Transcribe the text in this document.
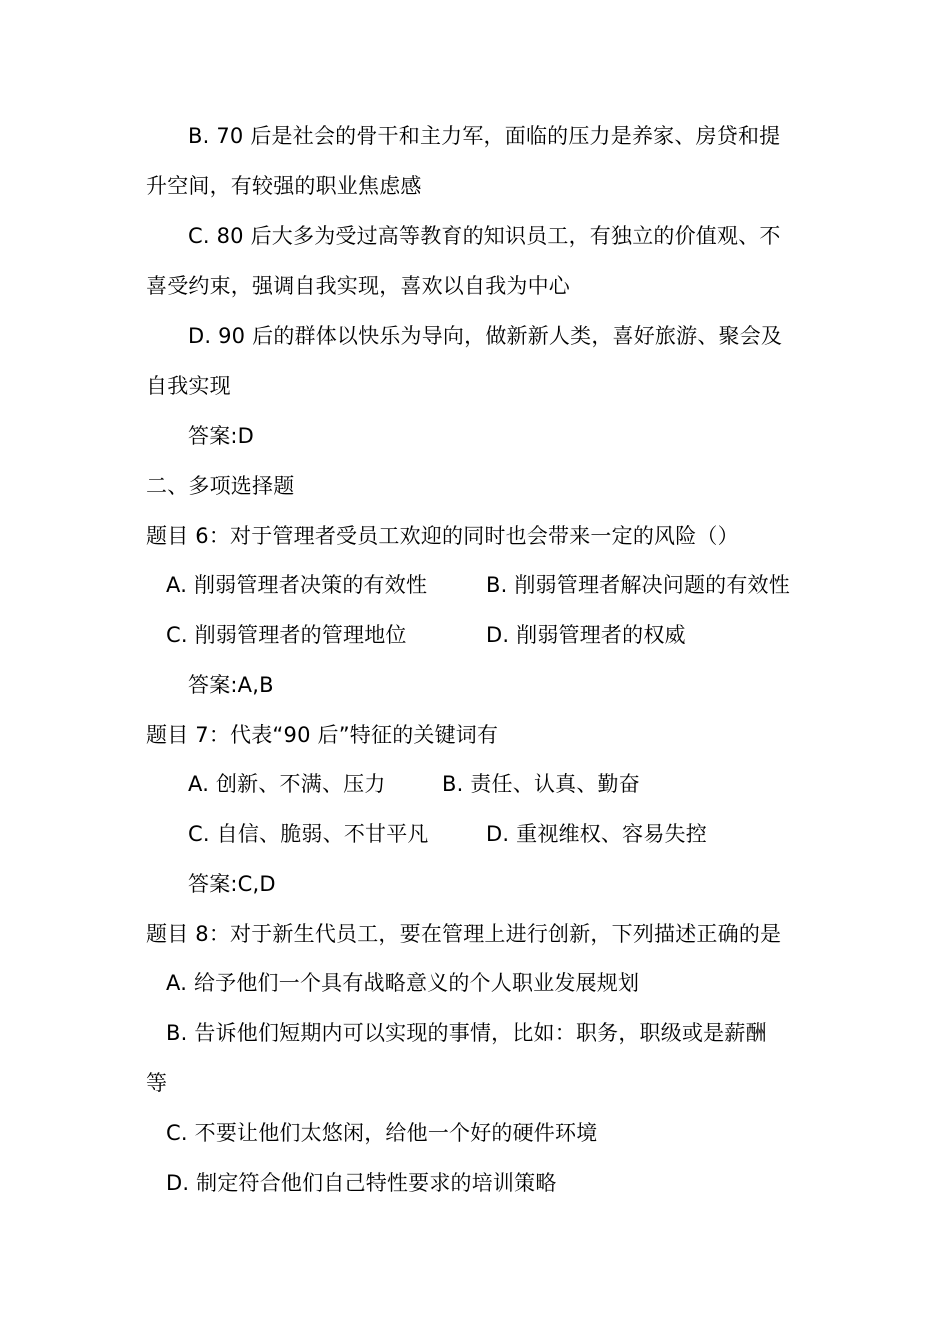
B. 70 后是社会的骨干和主力军，面临的压力是养家、房贷和提
升空间，有较强的职业焦虑感
C. 80 后大多为受过高等教育的知识员工，有独立的价值观、不
喜受约束，强调自我实现，喜欢以自我为中心
D. 90 后的群体以快乐为导向，做新新人类，喜好旅游、聚会及
自我实现
答案:D
二、多项选择题
题目 6：对于管理者受员工欢迎的同时也会带来一定的风险（）
A. 削弱管理者决策的有效性	B. 削弱管理者解决问题的有效性
C. 削弱管理者的管理地位	D. 削弱管理者的权威
答案:A,B
题目 7：代表“90 后”特征的关键词有
A. 创新、不满、压力	B. 责任、认真、勤奋
C. 自信、脆弱、不甘平凡	D. 重视维权、容易失控
答案:C,D
题目 8：对于新生代员工，要在管理上进行创新，下列描述正确的是
A. 给予他们一个具有战略意义的个人职业发展规划
B. 告诉他们短期内可以实现的事情，比如：职务，职级或是薪酬
等
C. 不要让他们太悠闲，给他一个好的硬件环境
D. 制定符合他们自己特性要求的培训策略
